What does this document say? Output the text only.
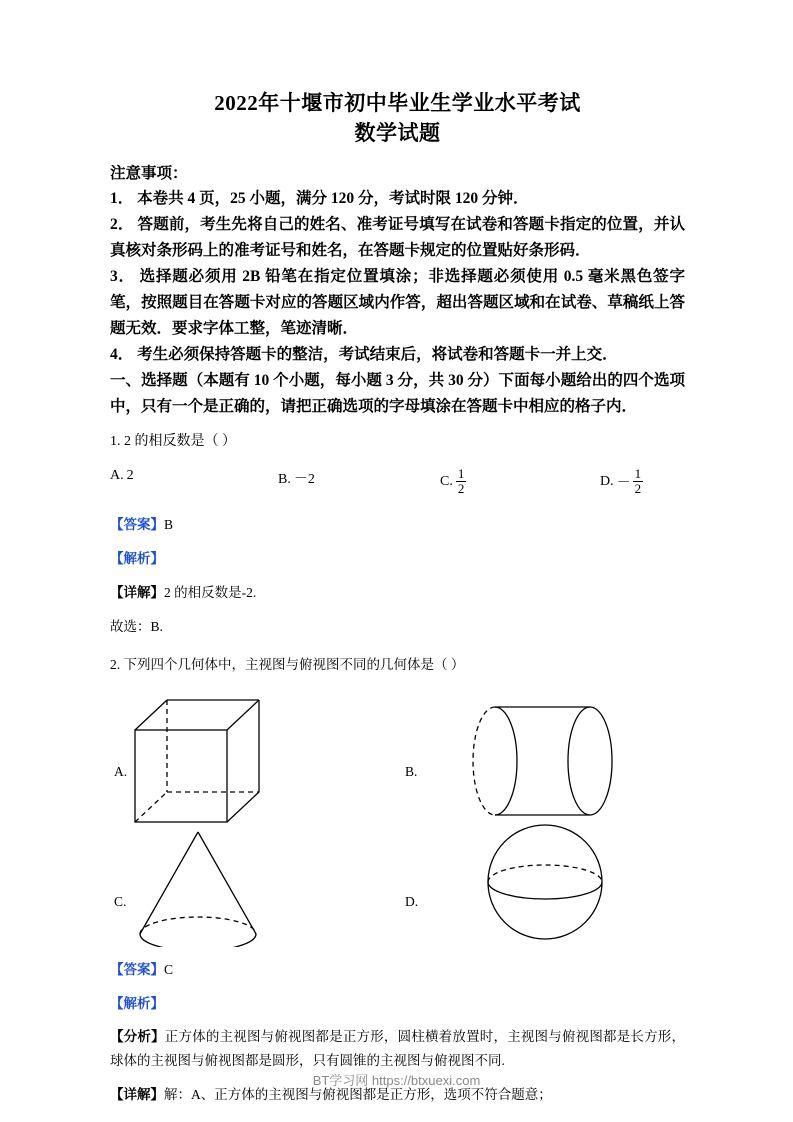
2022年十堰市初中毕业生学业水平考试
数学试题
注意事项：
1． 本卷共 4 页，25 小题，满分 120 分，考试时限 120 分钟．
2． 答题前，考生先将自己的姓名、准考证号填写在试卷和答题卡指定的位置，并认真核对条形码上的准考证号和姓名，在答题卡规定的位置贴好条形码．
3． 选择题必须用 2B 铅笔在指定位置填涂；非选择题必须使用 0.5 毫米黑色签字笔，按照题目在答题卡对应的答题区域内作答，超出答题区域和在试卷、草稿纸上答题无效．要求字体工整，笔迹清晰．
4． 考生必须保持答题卡的整洁，考试结束后，将试卷和答题卡一并上交．
一、选择题（本题有 10 个小题，每小题 3 分，共 30 分）下面每小题给出的四个选项中，只有一个是正确的，请把正确选项的字母填涂在答题卡中相应的格子内．
1. 2 的相反数是（ ）
A. 2	B. －2	C. $\frac{1}{2}$	D. － $\frac{1}{2}$
【答案】B
【解析】
【详解】2 的相反数是-2.
故选：B.
2. 下列四个几何体中，主视图与俯视图不同的几何体是（ ）
A.	B.
C.	D.
【答案】C
【解析】
【分析】正方体的主视图与俯视图都是正方形，圆柱横着放置时，主视图与俯视图都是长方形，球体的主视图与俯视图都是圆形，只有圆锥的主视图与俯视图不同.
【详解】解：A、正方体的主视图与俯视图都是正方形，选项不符合题意；
BT学习网 https://btxuexi.com
